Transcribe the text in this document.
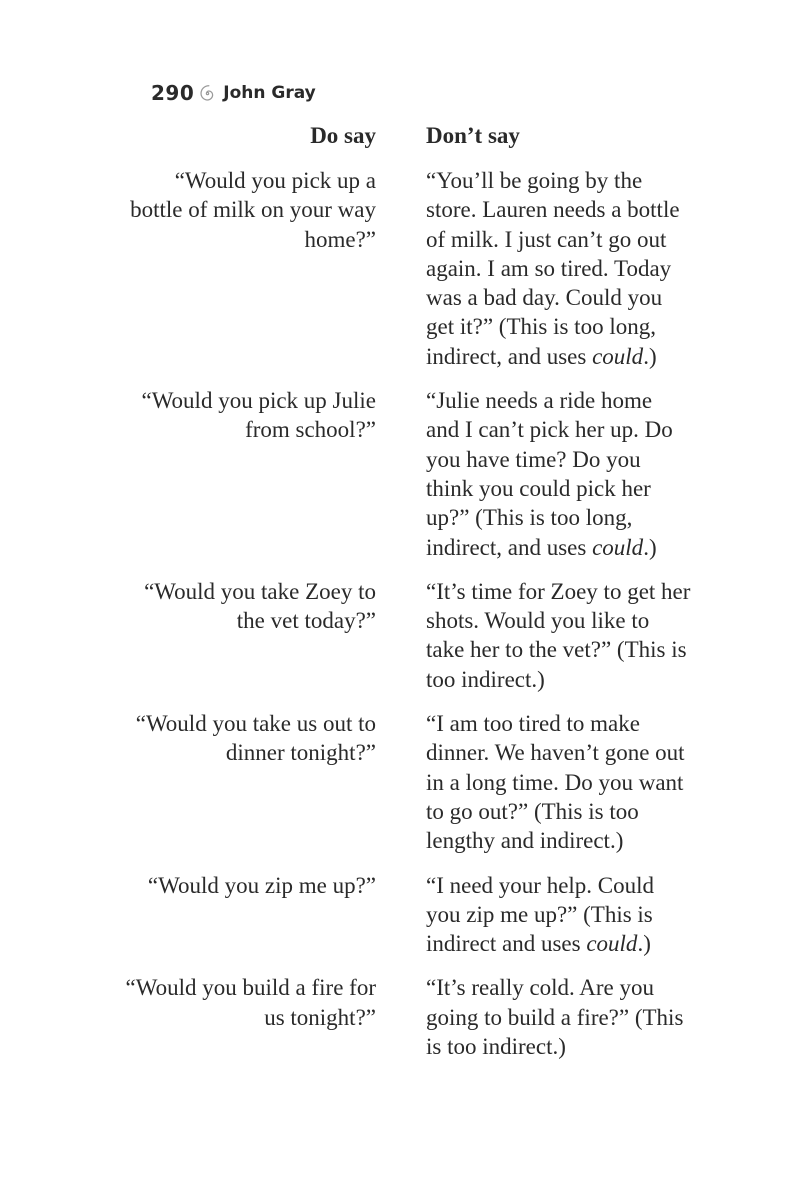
290 John Gray
Do say Don’t say
“Would you pick up a bottle of milk on your way home?”
“You’ll be going by the store. Lauren needs a bottle of milk. I just can’t go out again. I am so tired. Today was a bad day. Could you get it?” (This is too long, indirect, and uses could.)
“Would you pick up Julie from school?”
“Julie needs a ride home and I can’t pick her up. Do you have time? Do you think you could pick her up?” (This is too long, indirect, and uses could.)
“Would you take Zoey to the vet today?”
“It’s time for Zoey to get her shots. Would you like to take her to the vet?” (This is too indirect.)
“Would you take us out to dinner tonight?”
“I am too tired to make dinner. We haven’t gone out in a long time. Do you want to go out?” (This is too lengthy and indirect.)
“Would you zip me up?” “I need your help. Could you zip me up?” (This is indirect and uses could.)
“Would you build a fire for us tonight?”
“It’s really cold. Are you going to build a fire?” (This is too indirect.)
